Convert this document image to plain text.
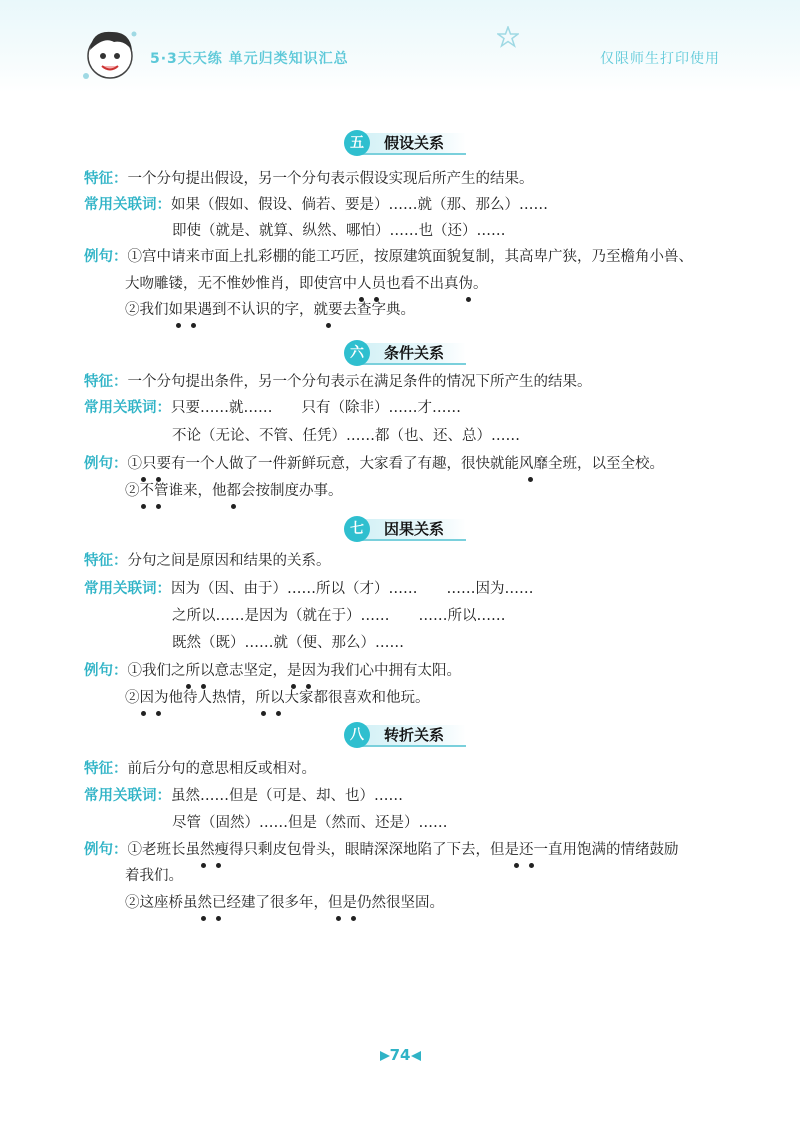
5·3天天练 单元归类知识汇总	仅限师生打印使用
五	假设关系
特征：一个分句提出假设，另一个分句表示假设实现后所产生的结果。
常用关联词：如果（假如、假设、倘若、要是）……就（那、那么）……
即使（就是、就算、纵然、哪怕）……也（还）……
例句：①宫中请来市面上扎彩棚的能工巧匠，按原建筑面貌复制，其高卑广狭，乃至檐角小兽、
大吻雕镂，无不惟妙惟肖，即使宫中人员也看不出真伪。
②我们如果遇到不认识的字，就要去查字典。
六	条件关系
特征：一个分句提出条件，另一个分句表示在满足条件的情况下所产生的结果。
常用关联词：只要……就……　　只有（除非）……才……
不论（无论、不管、任凭）……都（也、还、总）……
例句：①只要有一个人做了一件新鲜玩意，大家看了有趣，很快就能风靡全班，以至全校。
②不管谁来，他都会按制度办事。
七	因果关系
特征：分句之间是原因和结果的关系。
常用关联词：因为（因、由于）……所以（才）……　　……因为……
之所以……是因为（就在于）……　　……所以……
既然（既）……就（便、那么）……
例句：①我们之所以意志坚定，是因为我们心中拥有太阳。
②因为他待人热情，所以大家都很喜欢和他玩。
八	转折关系
特征：前后分句的意思相反或相对。
常用关联词：虽然……但是（可是、却、也）……
尽管（固然）……但是（然而、还是）……
例句：①老班长虽然瘦得只剩皮包骨头，眼睛深深地陷了下去，但是还一直用饱满的情绪鼓励
着我们。
②这座桥虽然已经建了很多年，但是仍然很坚固。
74
